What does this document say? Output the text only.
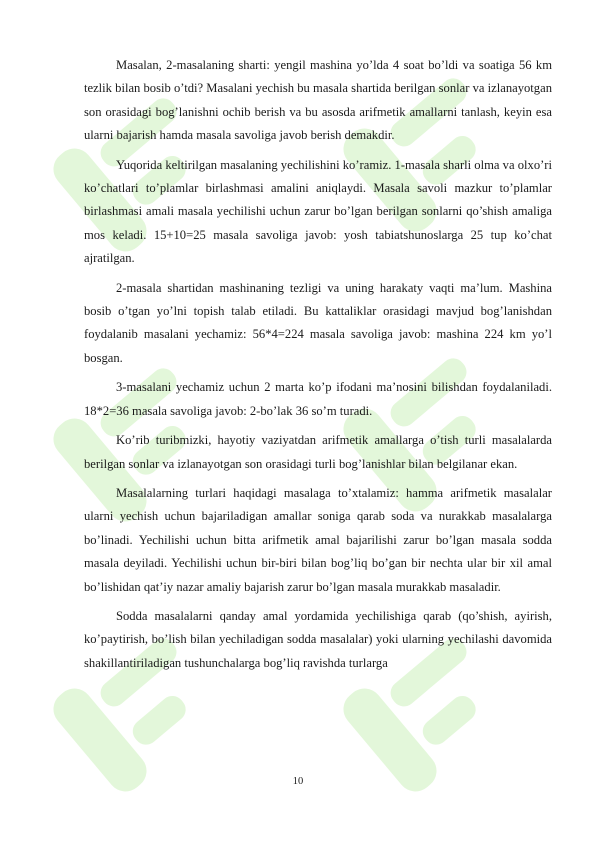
Masalan, 2-masalaning sharti: yengil mashina yo’lda 4 soat bo’ldi va soatiga 56 km tezlik bilan bosib o’tdi? Masalani yechish bu masala shartida berilgan sonlar va izlanayotgan son orasidagi bog’lanishni ochib berish va bu asosda arifmetik amallarni tanlash, keyin esa ularni bajarish hamda masala savoliga javob berish demakdir.

Yuqorida keltirilgan masalaning yechilishini ko’ramiz. 1-masala sharli olma va olxo’ri ko’chatlari to’plamlar birlashmasi amalini aniqlaydi. Masala savoli mazkur to’plamlar birlashmasi amali masala yechilishi uchun zarur bo’lgan berilgan sonlarni qo’shish amaliga mos keladi. 15+10=25 masala savoliga javob: yosh tabiatshunoslarga 25 tup ko’chat ajratilgan.

2-masala shartidan mashinaning tezligi va uning harakaty vaqti ma’lum. Mashina bosib o’tgan yo’lni topish talab etiladi. Bu kattaliklar orasidagi mavjud bog’lanishdan foydalanib masalani yechamiz: 56*4=224 masala savoliga javob: mashina 224 km yo’l bosgan.

3-masalani yechamiz uchun 2 marta ko’p ifodani ma’nosini bilishdan foydalaniladi. 18*2=36 masala savoliga javob: 2-bo’lak 36 so’m turadi.

Ko’rib turibmizki, hayotiy vaziyatdan arifmetik amallarga o’tish turli masalalarda berilgan sonlar va izlanayotgan son orasidagi turli bog’lanishlar bilan belgilanar ekan.

Masalalarning turlari haqidagi masalaga to’xtalamiz: hamma arifmetik masalalar ularni yechish uchun bajariladigan amallar soniga qarab soda va nurakkab masalalarga bo’linadi. Yechilishi uchun bitta arifmetik amal bajarilishi zarur bo’lgan masala sodda masala deyiladi. Yechilishi uchun bir-biri bilan bog’liq bo’gan bir nechta ular bir xil amal bo’lishidan qat’iy nazar amaliy bajarish zarur bo’lgan masala murakkab masaladir.

Sodda masalalarni qanday amal yordamida yechilishiga qarab (qo’shish, ayirish, ko’paytirish, bo’lish bilan yechiladigan sodda masalalar) yoki ularning yechilashi davomida shakillantiriladigan tushunchalarga bog’liq ravishda turlarga

10
